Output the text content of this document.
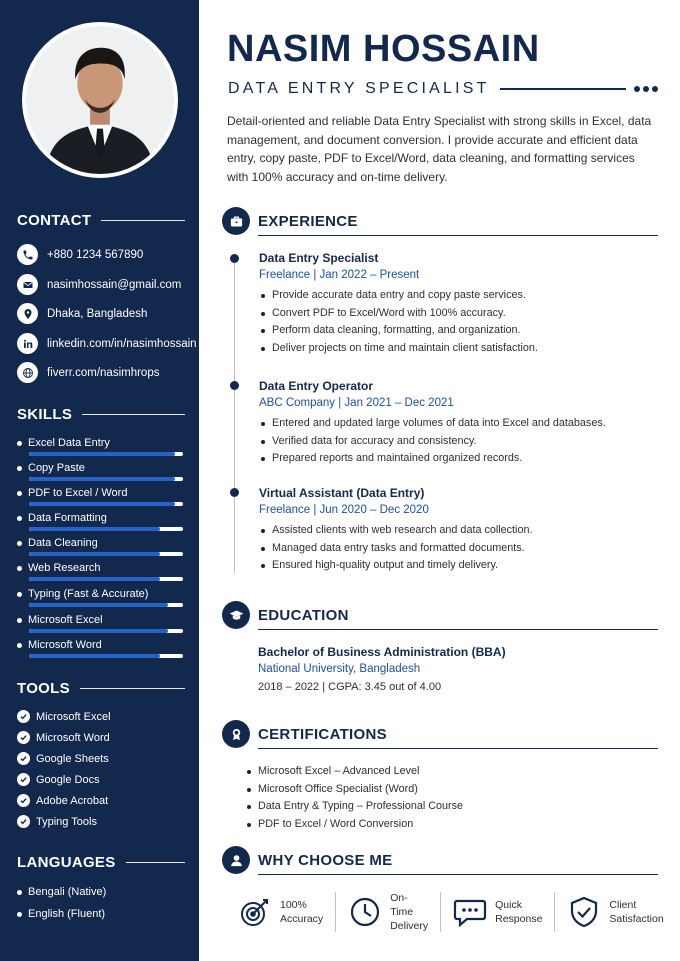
CONTACT
+880 1234 567890
nasimhossain@gmail.com
Dhaka, Bangladesh
linkedin.com/in/nasimhossain
fiverr.com/nasimhrops
SKILLS
Excel Data Entry
Copy Paste
PDF to Excel / Word
Data Formatting
Data Cleaning
Web Research
Typing (Fast & Accurate)
Microsoft Excel
Microsoft Word
TOOLS
Microsoft Excel
Microsoft Word
Google Sheets
Google Docs
Adobe Acrobat
Typing Tools
LANGUAGES
Bengali (Native)
English (Fluent)
NASIM HOSSAIN
DATA ENTRY SPECIALIST

Detail-oriented and reliable Data Entry Specialist with strong skills in Excel, data management, and document conversion. I provide accurate and efficient data entry, copy paste, PDF to Excel/Word, data cleaning, and formatting services with 100% accuracy and on-time delivery.

EXPERIENCE
Data Entry Specialist
Freelance | Jan 2022 – Present
Provide accurate data entry and copy paste services.
Convert PDF to Excel/Word with 100% accuracy.
Perform data cleaning, formatting, and organization.
Deliver projects on time and maintain client satisfaction.
Data Entry Operator
ABC Company | Jan 2021 – Dec 2021
Entered and updated large volumes of data into Excel and databases.
Verified data for accuracy and consistency.
Prepared reports and maintained organized records.
Virtual Assistant (Data Entry)
Freelance | Jun 2020 – Dec 2020
Assisted clients with web research and data collection.
Managed data entry tasks and formatted documents.
Ensured high-quality output and timely delivery.
EDUCATION
Bachelor of Business Administration (BBA)
National University, Bangladesh
2018 – 2022 | CGPA: 3.45 out of 4.00
CERTIFICATIONS
Microsoft Excel – Advanced Level
Microsoft Office Specialist (Word)
Data Entry & Typing – Professional Course
PDF to Excel / Word Conversion
WHY CHOOSE ME
100%
Accuracy
On-Time
Delivery
Quick
Response
Client
Satisfaction
